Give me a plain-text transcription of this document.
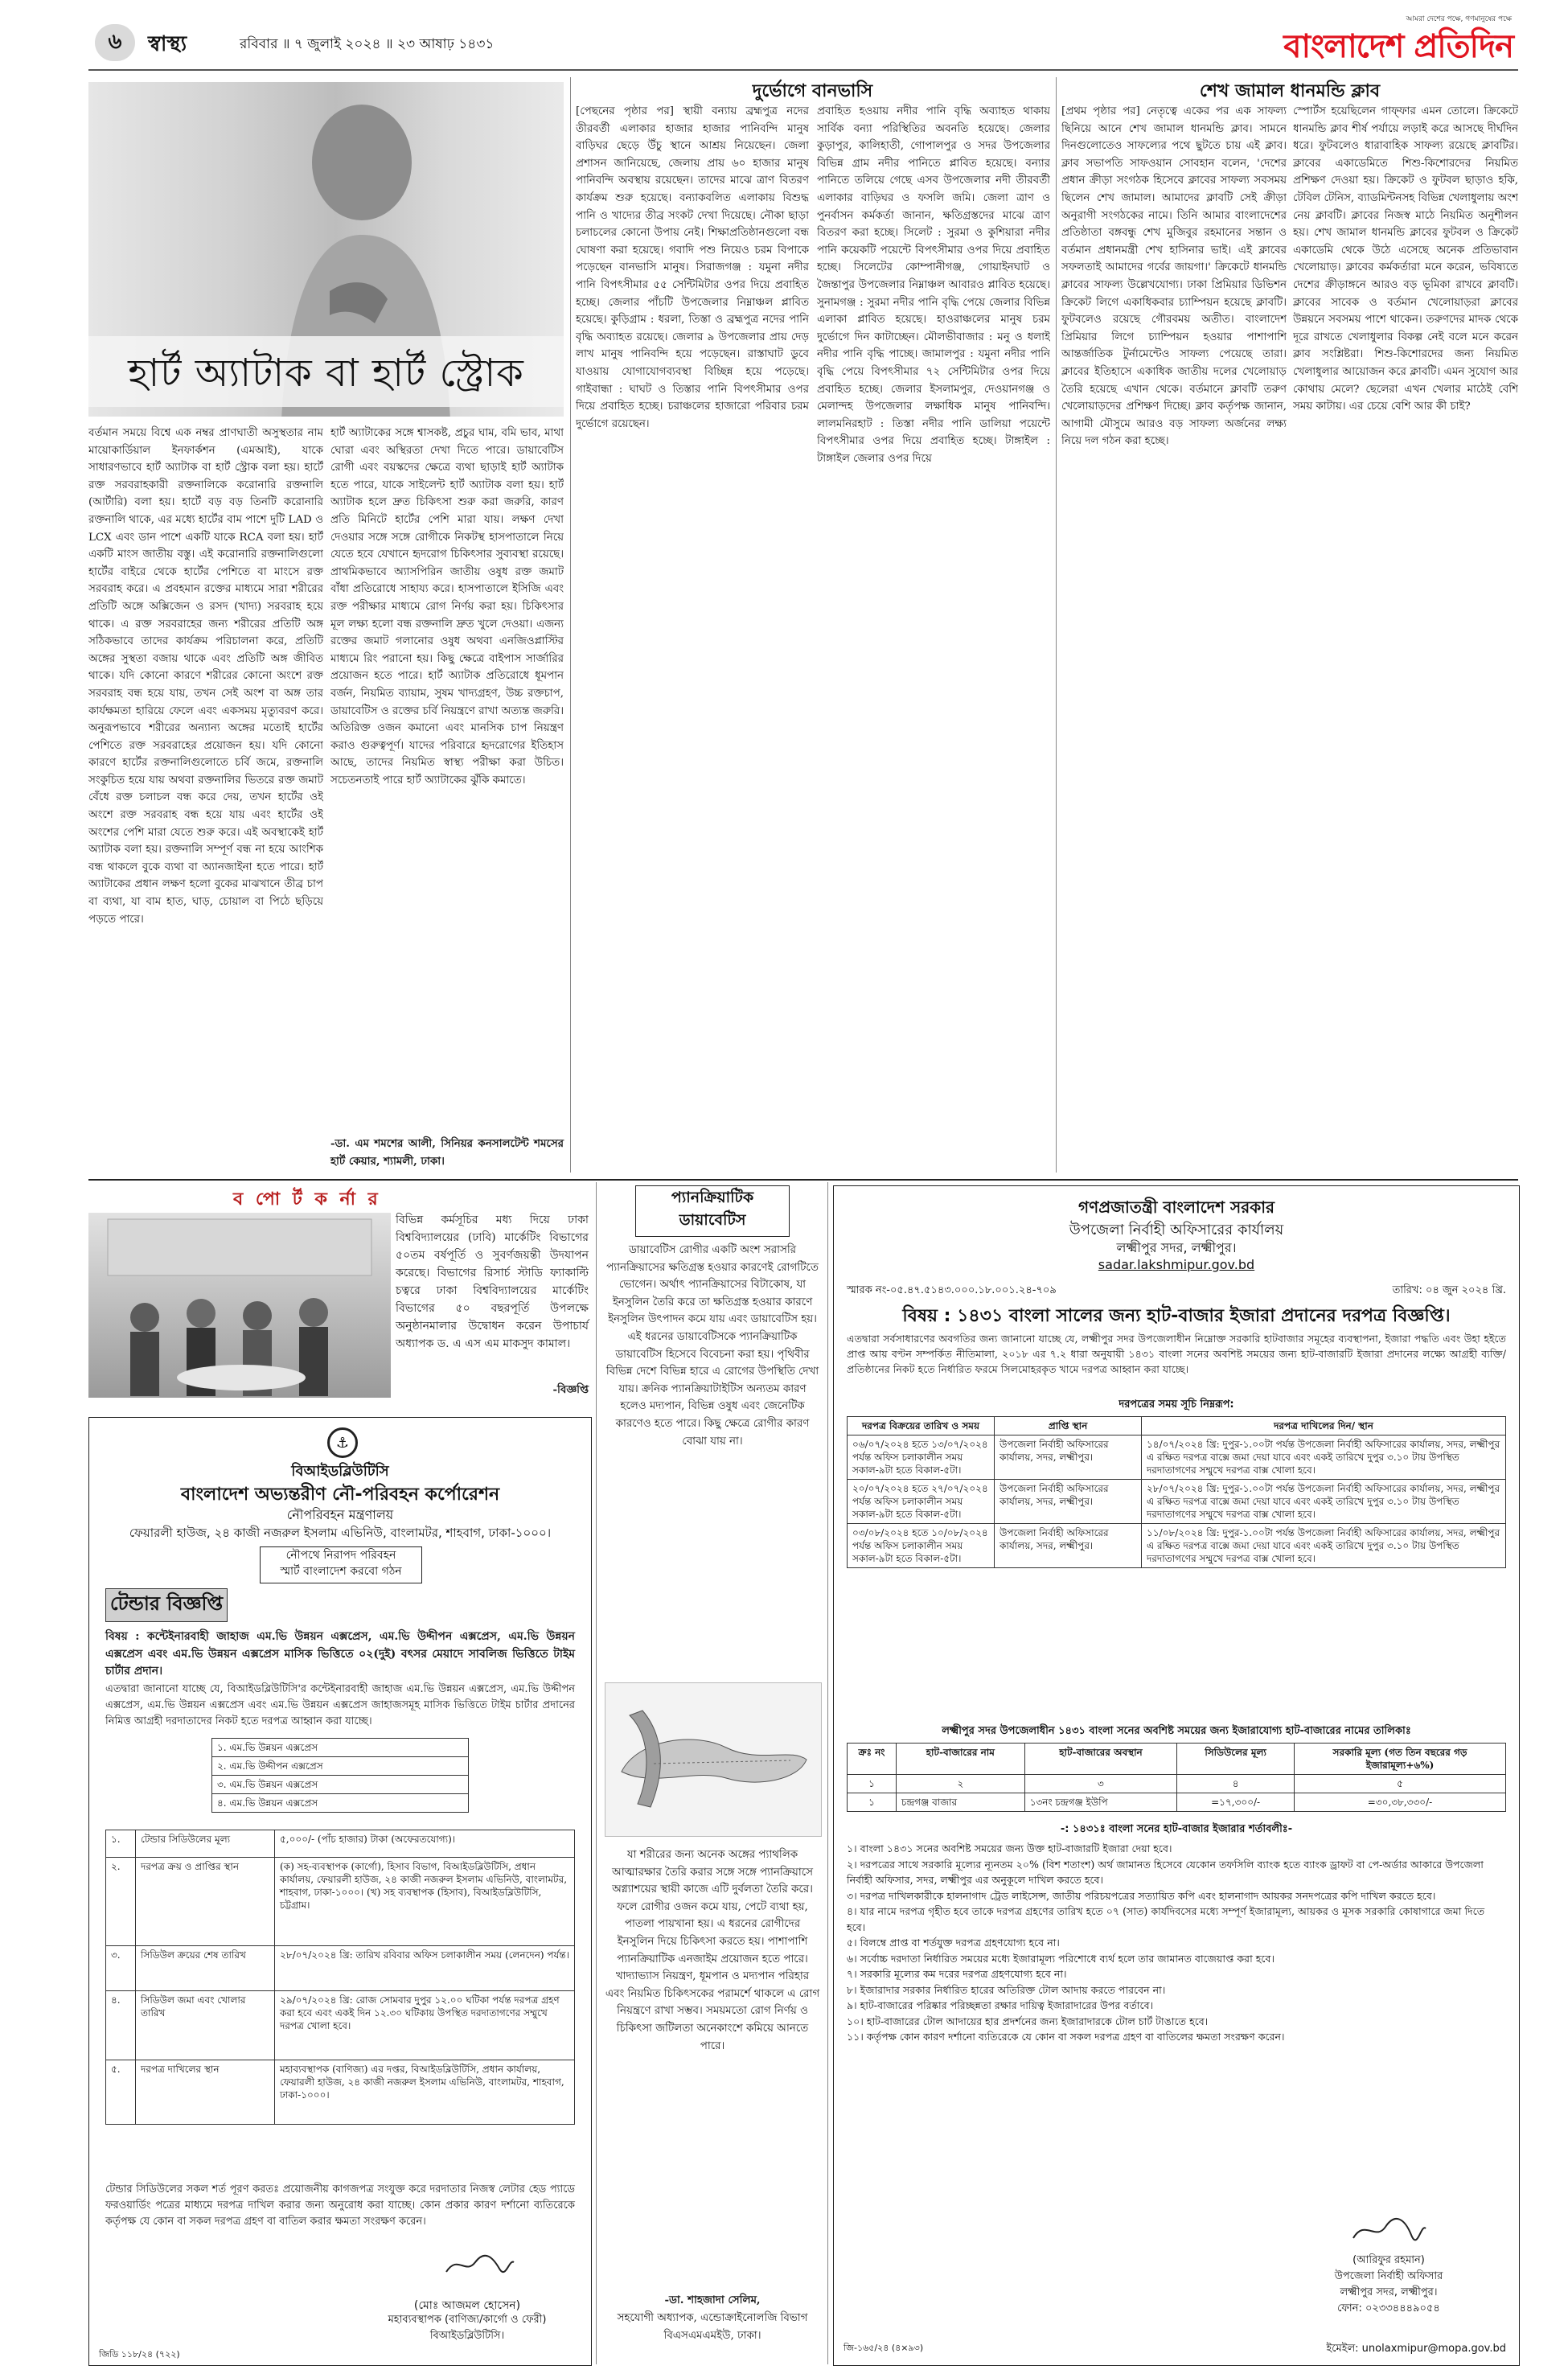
৬ স্বাস্থ্য	রবিবার ॥ ৭ জুলাই ২০২৪ ॥ ২৩ আষাঢ় ১৪৩১
আমরা দেশের পক্ষে, গণমানুষের পক্ষে
বাংলাদেশ প্রতিদিন
হার্ট অ্যাটাক বা হার্ট স্ট্রোক
বর্তমান সময়ে বিশ্বে এক নম্বর প্রাণঘাতী অসুস্থতার নাম মায়োকার্ডিয়াল ইনফার্কশন (এমআই), যাকে সাধারণভাবে হার্ট অ্যাটাক বা হার্ট স্ট্রোক বলা হয়। হার্টে রক্ত সরবরাহকারী রক্তনালিকে করোনারি রক্তনালি (আর্টারি) বলা হয়। হার্টে বড় বড় তিনটি করোনারি রক্তনালি থাকে, এর মধ্যে হার্টের বাম পাশে দুটি LAD ও LCX এবং ডান পাশে একটি যাকে RCA বলা হয়। হার্ট একটি মাংস জাতীয় বস্তু। এই করোনারি রক্তনালিগুলো হার্টের বাইরে থেকে হার্টের পেশিতে বা মাংসে রক্ত সরবরাহ করে। এ প্রবহমান রক্তের মাধ্যমে সারা শরীরের প্রতিটি অঙ্গে অক্সিজেন ও রসদ (খাদ্য) সরবরাহ হয়ে থাকে। এ রক্ত সরবরাহের জন্য শরীরের প্রতিটি অঙ্গ সঠিকভাবে তাদের কার্যক্রম পরিচালনা করে, প্রতিটি অঙ্গের সুস্থতা বজায় থাকে এবং প্রতিটি অঙ্গ জীবিত থাকে। যদি কোনো কারণে শরীরের কোনো অংশে রক্ত সরবরাহ বন্ধ হয়ে যায়, তখন সেই অংশ বা অঙ্গ তার কার্যক্ষমতা হারিয়ে ফেলে এবং একসময় মৃত্যুবরণ করে। অনুরূপভাবে শরীরের অন্যান্য অঙ্গের মতোই হার্টের পেশিতে রক্ত সরবরাহের প্রয়োজন হয়। যদি কোনো কারণে হার্টের রক্তনালিগুলোতে চর্বি জমে, রক্তনালি সংকুচিত হয়ে যায় অথবা রক্তনালির ভিতরে রক্ত জমাট বেঁধে রক্ত চলাচল বন্ধ করে দেয়, তখন হার্টের ওই অংশে রক্ত সরবরাহ বন্ধ হয়ে যায় এবং হার্টের ওই অংশের পেশি মারা যেতে শুরু করে। এই অবস্থাকেই হার্ট অ্যাটাক বলা হয়। রক্তনালি সম্পূর্ণ বন্ধ না হয়ে আংশিক বন্ধ থাকলে বুকে ব্যথা বা অ্যানজাইনা হতে পারে। হার্ট অ্যাটাকের প্রধান লক্ষণ হলো বুকের মাঝখানে তীব্র চাপ বা ব্যথা, যা বাম হাত, ঘাড়, চোয়াল বা পিঠে ছড়িয়ে পড়তে পারে।
হার্ট অ্যাটাকের সঙ্গে শ্বাসকষ্ট, প্রচুর ঘাম, বমি ভাব, মাথা ঘোরা এবং অস্থিরতা দেখা দিতে পারে। ডায়াবেটিস রোগী এবং বয়স্কদের ক্ষেত্রে ব্যথা ছাড়াই হার্ট অ্যাটাক হতে পারে, যাকে সাইলেন্ট হার্ট অ্যাটাক বলা হয়। হার্ট অ্যাটাক হলে দ্রুত চিকিৎসা শুরু করা জরুরি, কারণ প্রতি মিনিটে হার্টের পেশি মারা যায়। লক্ষণ দেখা দেওয়ার সঙ্গে সঙ্গে রোগীকে নিকটস্থ হাসপাতালে নিয়ে যেতে হবে যেখানে হৃদরোগ চিকিৎসার সুব্যবস্থা রয়েছে। প্রাথমিকভাবে অ্যাসপিরিন জাতীয় ওষুধ রক্ত জমাট বাঁধা প্রতিরোধে সাহায্য করে। হাসপাতালে ইসিজি এবং রক্ত পরীক্ষার মাধ্যমে রোগ নির্ণয় করা হয়। চিকিৎসার মূল লক্ষ্য হলো বন্ধ রক্তনালি দ্রুত খুলে দেওয়া। এজন্য রক্তের জমাট গলানোর ওষুধ অথবা এনজিওপ্লাস্টির মাধ্যমে রিং পরানো হয়। কিছু ক্ষেত্রে বাইপাস সার্জারির প্রয়োজন হতে পারে। হার্ট অ্যাটাক প্রতিরোধে ধূমপান বর্জন, নিয়মিত ব্যায়াম, সুষম খাদ্যগ্রহণ, উচ্চ রক্তচাপ, ডায়াবেটিস ও রক্তের চর্বি নিয়ন্ত্রণে রাখা অত্যন্ত জরুরি। অতিরিক্ত ওজন কমানো এবং মানসিক চাপ নিয়ন্ত্রণ করাও গুরুত্বপূর্ণ। যাদের পরিবারে হৃদরোগের ইতিহাস আছে, তাদের নিয়মিত স্বাস্থ্য পরীক্ষা করা উচিত। সচেতনতাই পারে হার্ট অ্যাটাকের ঝুঁকি কমাতে।
-ডা. এম শমশের আলী, সিনিয়র কনসালটেন্ট শমসের হার্ট কেয়ার, শ্যামলী, ঢাকা।
দুর্ভোগে বানভাসি
[পেছনের পৃষ্ঠার পর] স্থায়ী বন্যায় ব্রহ্মপুত্র নদের তীরবর্তী এলাকার হাজার হাজার পানিবন্দি মানুষ বাড়িঘর ছেড়ে উঁচু স্থানে আশ্রয় নিয়েছেন। জেলা প্রশাসন জানিয়েছে, জেলায় প্রায় ৬০ হাজার মানুষ পানিবন্দি অবস্থায় রয়েছেন। তাদের মাঝে ত্রাণ বিতরণ কার্যক্রম শুরু হয়েছে। বন্যাকবলিত এলাকায় বিশুদ্ধ পানি ও খাদ্যের তীব্র সংকট দেখা দিয়েছে। নৌকা ছাড়া চলাচলের কোনো উপায় নেই। শিক্ষাপ্রতিষ্ঠানগুলো বন্ধ ঘোষণা করা হয়েছে। গবাদি পশু নিয়েও চরম বিপাকে পড়েছেন বানভাসি মানুষ। সিরাজগঞ্জ : যমুনা নদীর পানি বিপৎসীমার ৫৫ সেন্টিমিটার ওপর দিয়ে প্রবাহিত হচ্ছে। জেলার পাঁচটি উপজেলার নিম্নাঞ্চল প্লাবিত হয়েছে। কুড়িগ্রাম : ধরলা, তিস্তা ও ব্রহ্মপুত্র নদের পানি বৃদ্ধি অব্যাহত রয়েছে। জেলার ৯ উপজেলার প্রায় দেড় লাখ মানুষ পানিবন্দি হয়ে পড়েছেন। রাস্তাঘাট ডুবে যাওয়ায় যোগাযোগব্যবস্থা বিচ্ছিন্ন হয়ে পড়েছে। গাইবান্ধা : ঘাঘট ও তিস্তার পানি বিপৎসীমার ওপর দিয়ে প্রবাহিত হচ্ছে। চরাঞ্চলের হাজারো পরিবার চরম দুর্ভোগে রয়েছেন।
প্রবাহিত হওয়ায় নদীর পানি বৃদ্ধি অব্যাহত থাকায় সার্বিক বন্যা পরিস্থিতির অবনতি হয়েছে। জেলার কুড়াপুর, কালিহাতী, গোপালপুর ও সদর উপজেলার বিভিন্ন গ্রাম নদীর পানিতে প্লাবিত হয়েছে। বন্যার পানিতে তলিয়ে গেছে এসব উপজেলার নদী তীরবর্তী এলাকার বাড়িঘর ও ফসলি জমি। জেলা ত্রাণ ও পুনর্বাসন কর্মকর্তা জানান, ক্ষতিগ্রস্তদের মাঝে ত্রাণ বিতরণ করা হচ্ছে। সিলেট : সুরমা ও কুশিয়ারা নদীর পানি কয়েকটি পয়েন্টে বিপৎসীমার ওপর দিয়ে প্রবাহিত হচ্ছে। সিলেটের কোম্পানীগঞ্জ, গোয়াইনঘাট ও জৈন্তাপুর উপজেলার নিম্নাঞ্চল আবারও প্লাবিত হয়েছে। সুনামগঞ্জ : সুরমা নদীর পানি বৃদ্ধি পেয়ে জেলার বিভিন্ন এলাকা প্লাবিত হয়েছে। হাওরাঞ্চলের মানুষ চরম দুর্ভোগে দিন কাটাচ্ছেন। মৌলভীবাজার : মনু ও ধলাই নদীর পানি বৃদ্ধি পাচ্ছে। জামালপুর : যমুনা নদীর পানি বৃদ্ধি পেয়ে বিপৎসীমার ৭২ সেন্টিমিটার ওপর দিয়ে প্রবাহিত হচ্ছে। জেলার ইসলামপুর, দেওয়ানগঞ্জ ও মেলান্দহ উপজেলার লক্ষাধিক মানুষ পানিবন্দি। লালমনিরহাট : তিস্তা নদীর পানি ডালিয়া পয়েন্টে বিপৎসীমার ওপর দিয়ে প্রবাহিত হচ্ছে। টাঙ্গাইল : টাঙ্গাইল জেলার ওপর দিয়ে
শেখ জামাল ধানমন্ডি ক্লাব
[প্রথম পৃষ্ঠার পর] নেতৃত্বে একের পর এক সাফল্য ছিনিয়ে আনে শেখ জামাল ধানমন্ডি ক্লাব। সামনে দিনগুলোতেও সাফল্যের পথে ছুটতে চায় এই ক্লাব। ক্লাব সভাপতি সাফওয়ান সোবহান বলেন, 'দেশের প্রধান ক্রীড়া সংগঠক হিসেবে ক্লাবের সাফল্য সবসময় ছিলেন শেখ জামাল। আমাদের ক্লাবটি সেই ক্রীড়া অনুরাগী সংগঠকের নামে। তিনি আমার বাংলাদেশের প্রতিষ্ঠাতা বঙ্গবন্ধু শেখ মুজিবুর রহমানের সন্তান ও বর্তমান প্রধানমন্ত্রী শেখ হাসিনার ভাই। এই ক্লাবের সফলতাই আমাদের গর্বের জায়গা।' ক্রিকেটে ধানমন্ডি ক্লাবের সাফল্য উল্লেখযোগ্য। ঢাকা প্রিমিয়ার ডিভিশন ক্রিকেট লিগে একাধিকবার চ্যাম্পিয়ন হয়েছে ক্লাবটি। ফুটবলেও রয়েছে গৌরবময় অতীত। বাংলাদেশ প্রিমিয়ার লিগে চ্যাম্পিয়ন হওয়ার পাশাপাশি আন্তর্জাতিক টুর্নামেন্টেও সাফল্য পেয়েছে তারা। ক্লাবের ইতিহাসে একাধিক জাতীয় দলের খেলোয়াড় তৈরি হয়েছে এখান থেকে। বর্তমানে ক্লাবটি তরুণ খেলোয়াড়দের প্রশিক্ষণ দিচ্ছে। ক্লাব কর্তৃপক্ষ জানান, আগামী মৌসুমে আরও বড় সাফল্য অর্জনের লক্ষ্য নিয়ে দল গঠন করা হচ্ছে।
স্পোর্টস হয়েছিলেন গাফ্ফার এমন তোলে। ক্রিকেটে ধানমন্ডি ক্লাব শীর্ষ পর্যায়ে লড়াই করে আসছে দীর্ঘদিন ধরে। ফুটবলেও ধারাবাহিক সাফল্য রয়েছে ক্লাবটির। ক্লাবের একাডেমিতে শিশু-কিশোরদের নিয়মিত প্রশিক্ষণ দেওয়া হয়। ক্রিকেট ও ফুটবল ছাড়াও হকি, টেবিল টেনিস, ব্যাডমিন্টনসহ বিভিন্ন খেলাধুলায় অংশ নেয় ক্লাবটি। ক্লাবের নিজস্ব মাঠে নিয়মিত অনুশীলন হয়। শেখ জামাল ধানমন্ডি ক্লাবের ফুটবল ও ক্রিকেট একাডেমি থেকে উঠে এসেছে অনেক প্রতিভাবান খেলোয়াড়। ক্লাবের কর্মকর্তারা মনে করেন, ভবিষ্যতে দেশের ক্রীড়াঙ্গনে আরও বড় ভূমিকা রাখবে ক্লাবটি। ক্লাবের সাবেক ও বর্তমান খেলোয়াড়রা ক্লাবের উন্নয়নে সবসময় পাশে থাকেন। তরুণদের মাদক থেকে দূরে রাখতে খেলাধুলার বিকল্প নেই বলে মনে করেন ক্লাব সংশ্লিষ্টরা। শিশু-কিশোরদের জন্য নিয়মিত খেলাধুলার আয়োজন করে ক্লাবটি। এমন সুযোগ আর কোথায় মেলে? ছেলেরা এখন খেলার মাঠেই বেশি সময় কাটায়। এর চেয়ে বেশি আর কী চাই?
ব পো র্ট ক র্না র
বিভিন্ন কর্মসূচির মধ্য দিয়ে ঢাকা বিশ্ববিদ্যালয়ের (ঢাবি) মার্কেটিং বিভাগের ৫০তম বর্ষপূর্তি ও সুবর্ণজয়ন্তী উদযাপন করেছে। বিভাগের রিসার্চ স্টাডি ফ্যাকাল্টি চত্বরে ঢাকা বিশ্ববিদ্যালয়ের মার্কেটিং বিভাগের ৫০ বছরপূর্তি উপলক্ষে অনুষ্ঠানমালার উদ্বোধন করেন উপাচার্য অধ্যাপক ড. এ এস এম মাকসুদ কামাল।
-বিজ্ঞপ্তি
⚓
বিআইডব্লিউটিসি
বাংলাদেশ অভ্যন্তরীণ নৌ-পরিবহন কর্পোরেশন
নৌপরিবহন মন্ত্রণালয়
ফেয়ারলী হাউজ, ২৪ কাজী নজরুল ইসলাম এভিনিউ, বাংলামটর, শাহবাগ, ঢাকা-১০০০।
নৌপথে নিরাপদ পরিবহন
স্মার্ট বাংলাদেশ করবো গঠন
টেন্ডার বিজ্ঞপ্তি
বিষয় : কন্টেইনারবাহী জাহাজ এম.ভি উন্নয়ন এক্সপ্রেস, এম.ভি উদ্দীপন এক্সপ্রেস, এম.ভি উন্নয়ন এক্সপ্রেস এবং এম.ভি উন্নয়ন এক্সপ্রেস মাসিক ভিত্তিতে ০২(দুই) বৎসর মেয়াদে সাবলিজ ভিত্তিতে টাইম চার্টার প্রদান।
এতদ্বারা জানানো যাচ্ছে যে, বিআইডব্লিউটিসি'র কন্টেইনারবাহী জাহাজ এম.ভি উন্নয়ন এক্সপ্রেস, এম.ভি উদ্দীপন এক্সপ্রেস, এম.ভি উন্নয়ন এক্সপ্রেস এবং এম.ভি উন্নয়ন এক্সপ্রেস জাহাজসমূহ মাসিক ভিত্তিতে টাইম চার্টার প্রদানের নিমিত্ত আগ্রহী দরদাতাদের নিকট হতে দরপত্র আহ্বান করা যাচ্ছে।
১. এম.ভি উন্নয়ন এক্সপ্রেস
২. এম.ভি উদ্দীপন এক্সপ্রেস
৩. এম.ভি উন্নয়ন এক্সপ্রেস
৪. এম.ভি উন্নয়ন এক্সপ্রেস
১.	টেন্ডার সিডিউলের মূল্য	৫,০০০/- (পাঁচ হাজার) টাকা (অফেরতযোগ্য)।
২.	দরপত্র ক্রয় ও প্রাপ্তির স্থান	(ক) সহ-ব্যবস্থাপক (কাৰ্গো), হিসাব বিভাগ, বিআইডব্লিউটিসি, প্রধান কার্যালয়, ফেয়ারলী হাউজ, ২৪ কাজী নজরুল ইসলাম এভিনিউ, বাংলামটর, শাহবাগ, ঢাকা-১০০০। (খ) সহ ব্যবস্থাপক (হিসাব), বিআইডব্লিউটিসি, চট্টগ্রাম।
৩.	সিডিউল ক্রয়ের শেষ তারিখ	২৮/০৭/২০২৪ খ্রি: তারিখ রবিবার অফিস চলাকালীন সময় (লেনদেন) পর্যন্ত।
৪.	সিডিউল জমা এবং খোলার তারিখ	২৯/০৭/২০২৪ খ্রি: রোজ সোমবার দুপুর ১২.০০ ঘটিকা পর্যন্ত দরপত্র গ্রহণ করা হবে এবং একই দিন ১২.৩০ ঘটিকায় উপস্থিত দরদাতাগণের সম্মুখে দরপত্র খোলা হবে।
৫.	দরপত্র দাখিলের স্থান	মহাব্যবস্থাপক (বাণিজ্য) এর দপ্তর, বিআইডব্লিউটিসি, প্রধান কার্যালয়, ফেয়ারলী হাউজ, ২৪ কাজী নজরুল ইসলাম এভিনিউ, বাংলামটর, শাহবাগ, ঢাকা-১০০০।
টেন্ডার সিডিউলের সকল শর্ত পূরণ করতঃ প্রয়োজনীয় কাগজপত্র সংযুক্ত করে দরদাতার নিজস্ব লেটার হেড প্যাডে ফরওয়ার্ডিং পত্রের মাধ্যমে দরপত্র দাখিল করার জন্য অনুরোধ করা যাচ্ছে। কোন প্রকার কারণ দর্শানো ব্যতিরেকে কর্তৃপক্ষ যে কোন বা সকল দরপত্র গ্রহণ বা বাতিল করার ক্ষমতা সংরক্ষণ করেন।
(মোঃ আজমল হোসেন)
মহাব্যবস্থাপক (বাণিজ্য/কার্গো ও ফেরী)
বিআইডব্লিউটিসি।
জিডি ১১৮/২৪ (৭২২)
প্যানক্রিয়াটিক
ডায়াবেটিস
ডায়াবেটিস রোগীর একটি অংশ সরাসরি প্যানক্রিয়াসের ক্ষতিগ্রস্ত হওয়ার কারণেই রোগটিতে ভোগেন। অর্থাৎ প্যানক্রিয়াসের বিটাকোষ, যা ইনসুলিন তৈরি করে তা ক্ষতিগ্রস্ত হওয়ার কারণে ইনসুলিন উৎপাদন কমে যায় এবং ডায়াবেটিস হয়। এই ধরনের ডায়াবেটিসকে প্যানক্রিয়াটিক ডায়াবেটিস হিসেবে বিবেচনা করা হয়। পৃথিবীর বিভিন্ন দেশে বিভিন্ন হারে এ রোগের উপস্থিতি দেখা যায়। ক্রনিক প্যানক্রিয়াটাইটিস অন্যতম কারণ হলেও মদ্যপান, বিভিন্ন ওষুধ এবং জেনেটিক কারণেও হতে পারে। কিছু ক্ষেত্রে রোগীর কারণ বোঝা যায় না।
যা শরীরের জন্য অনেক অঙ্গের প্যাথলিক আত্মারক্ষার তৈরি করার সঙ্গে সঙ্গে প্যানক্রিয়াসে অগ্ন্যাশয়ের স্থায়ী কাজে এটি দুর্বলতা তৈরি করে। ফলে রোগীর ওজন কমে যায়, পেটে ব্যথা হয়, পাতলা পায়খানা হয়। এ ধরনের রোগীদের ইনসুলিন দিয়ে চিকিৎসা করতে হয়। পাশাপাশি প্যানক্রিয়াটিক এনজাইম প্রয়োজন হতে পারে। খাদ্যাভ্যাস নিয়ন্ত্রণ, ধূমপান ও মদ্যপান পরিহার এবং নিয়মিত চিকিৎসকের পরামর্শে থাকলে এ রোগ নিয়ন্ত্রণে রাখা সম্ভব। সময়মতো রোগ নির্ণয় ও চিকিৎসা জটিলতা অনেকাংশে কমিয়ে আনতে পারে।
-ডা. শাহজাদা সেলিম,
সহযোগী অধ্যাপক, এন্ডোক্রাইনোলজি বিভাগ বিএসএমএমইউ, ঢাকা।
গণপ্রজাতন্ত্রী বাংলাদেশ সরকার
উপজেলা নির্বাহী অফিসারের কার্যালয়
লক্ষ্মীপুর সদর, লক্ষ্মীপুর।
sadar.lakshmipur.gov.bd
স্মারক নং-০৫.৪৭.৫১৪৩.০০০.১৮.০০১.২৪-৭০৯	তারিখ: ০৪ জুন ২০২৪ খ্রি.
বিষয় : ১৪৩১ বাংলা সালের জন্য হাট-বাজার ইজারা প্রদানের দরপত্র বিজ্ঞপ্তি।
এতদ্বারা সর্বসাধারণের অবগতির জন্য জানানো যাচ্ছে যে, লক্ষ্মীপুর সদর উপজেলাধীন নিম্নোক্ত সরকারি হাটবাজার সমূহের ব্যবস্থাপনা, ইজারা পদ্ধতি এবং উহা হইতে প্রাপ্ত আয় বণ্টন সম্পর্কিত নীতিমালা, ২০১৮ এর ৭.২ ধারা অনুযায়ী ১৪৩১ বাংলা সনের অবশিষ্ট সময়ের জন্য হাট-বাজারটি ইজারা প্রদানের লক্ষ্যে আগ্রহী ব্যক্তি/প্রতিষ্ঠানের নিকট হতে নির্ধারিত ফরমে সিলমোহরকৃত খামে দরপত্র আহ্বান করা যাচ্ছে।
দরপত্রের সময় সূচি নিম্নরূপ:
দরপত্র বিক্রয়ের তারিখ ও সময়	প্রাপ্তি স্থান	দরপত্র দাখিলের দিন/ স্থান
০৬/০৭/২০২৪ হতে ১৩/০৭/২০২৪ পর্যন্ত অফিস চলাকালীন সময় সকাল-৯টা হতে বিকাল-৫টা।	উপজেলা নির্বাহী অফিসারের কার্যালয়, সদর, লক্ষ্মীপুর।	১৪/০৭/২০২৪ খ্রি: দুপুর-১.০০টা পর্যন্ত উপজেলা নির্বাহী অফিসারের কার্যালয়, সদর, লক্ষ্মীপুর এ রক্ষিত দরপত্র বাক্সে জমা দেয়া যাবে এবং একই তারিখে দুপুর ৩.১০ টায় উপস্থিত দরদাতাগণের সম্মুখে দরপত্র বাক্স খোলা হবে।
২০/০৭/২০২৪ হতে ২৭/০৭/২০২৪ পর্যন্ত অফিস চলাকালীন সময় সকাল-৯টা হতে বিকাল-৫টা।	উপজেলা নির্বাহী অফিসারের কার্যালয়, সদর, লক্ষ্মীপুর।	২৮/০৭/২০২৪ খ্রি: দুপুর-১.০০টা পর্যন্ত উপজেলা নির্বাহী অফিসারের কার্যালয়, সদর, লক্ষ্মীপুর এ রক্ষিত দরপত্র বাক্সে জমা দেয়া যাবে এবং একই তারিখে দুপুর ৩.১০ টায় উপস্থিত দরদাতাগণের সম্মুখে দরপত্র বাক্স খোলা হবে।
০৩/০৮/২০২৪ হতে ১০/০৮/২০২৪ পর্যন্ত অফিস চলাকালীন সময় সকাল-৯টা হতে বিকাল-৫টা।	উপজেলা নির্বাহী অফিসারের কার্যালয়, সদর, লক্ষ্মীপুর।	১১/০৮/২০২৪ খ্রি: দুপুর-১.০০টা পর্যন্ত উপজেলা নির্বাহী অফিসারের কার্যালয়, সদর, লক্ষ্মীপুর এ রক্ষিত দরপত্র বাক্সে জমা দেয়া যাবে এবং একই তারিখে দুপুর ৩.১০ টায় উপস্থিত দরদাতাগণের সম্মুখে দরপত্র বাক্স খোলা হবে।
লক্ষ্মীপুর সদর উপজেলাধীন ১৪৩১ বাংলা সনের অবশিষ্ট সময়ের জন্য ইজারাযোগ্য হাট-বাজারের নামের তালিকাঃ
ক্রঃ নং	হাট-বাজারের নাম	হাট-বাজারের অবস্থান	সিডিউলের মূল্য	সরকারি মূল্য (গত তিন বছরের গড় ইজারামূল্য+৬%)
১	২	৩	৪	৫
১	চন্দ্রগঞ্জ বাজার	১৩নং চন্দ্রগঞ্জ ইউপি	=১৭,৩০০/-	=৩০,৩৮,৩৩০/-
-: ১৪৩১ঃ বাংলা সনের হাট-বাজার ইজারার শর্তাবলীঃ-
১। বাংলা ১৪৩১ সনের অবশিষ্ট সময়ের জন্য উক্ত হাট-বাজারটি ইজারা দেয়া হবে।
২। দরপত্রের সাথে সরকারি মূল্যের ন্যূনতম ২০% (বিশ শতাংশ) অর্থ জামানত হিসেবে যেকোন তফসিলি ব্যাংক হতে ব্যাংক ড্রাফট বা পে-অর্ডার আকারে উপজেলা নির্বাহী অফিসার, সদর, লক্ষ্মীপুর এর অনুকূলে দাখিল করতে হবে।
৩। দরপত্র দাখিলকারীকে হালনাগাদ ট্রেড লাইসেন্স, জাতীয় পরিচয়পত্রের সত্যায়িত কপি এবং হালনাগাদ আয়কর সনদপত্রের কপি দাখিল করতে হবে।
৪। যার নামে দরপত্র গৃহীত হবে তাকে দরপত্র গ্রহণের তারিখ হতে ০৭ (সাত) কার্যদিবসের মধ্যে সম্পূর্ণ ইজারামূল্য, আয়কর ও মূসক সরকারি কোষাগারে জমা দিতে হবে।
৫। বিলম্বে প্রাপ্ত বা শর্তযুক্ত দরপত্র গ্রহণযোগ্য হবে না।
৬। সর্বোচ্চ দরদাতা নির্ধারিত সময়ের মধ্যে ইজারামূল্য পরিশোধে ব্যর্থ হলে তার জামানত বাজেয়াপ্ত করা হবে।
৭। সরকারি মূল্যের কম দরের দরপত্র গ্রহণযোগ্য হবে না।
৮। ইজারাদার সরকার নির্ধারিত হারের অতিরিক্ত টোল আদায় করতে পারবেন না।
৯। হাট-বাজারের পরিষ্কার পরিচ্ছন্নতা রক্ষার দায়িত্ব ইজারাদারের উপর বর্তাবে।
১০। হাট-বাজারের টোল আদায়ের হার প্রদর্শনের জন্য ইজারাদারকে টোল চার্ট টাঙাতে হবে।
১১। কর্তৃপক্ষ কোন কারণ দর্শানো ব্যতিরেকে যে কোন বা সকল দরপত্র গ্রহণ বা বাতিলের ক্ষমতা সংরক্ষণ করেন।
(আরিফুর রহমান)
উপজেলা নির্বাহী অফিসার
লক্ষ্মীপুর সদর, লক্ষ্মীপুর।
ফোন: ০২৩৩৪৪৪৯০৫৪
জি-১৬৫/২৪ (৪×৯৩)	ইমেইল: unolaxmipur@mopa.gov.bd
